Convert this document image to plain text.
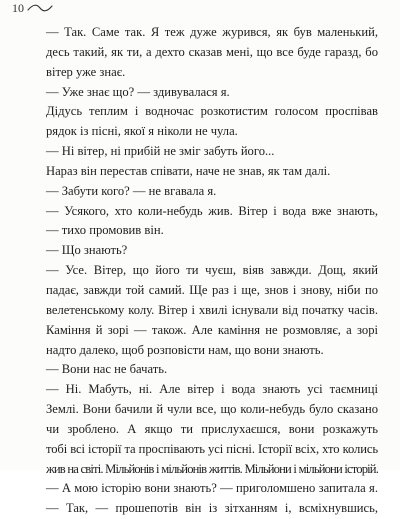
10
— Так. Саме так. Я теж дуже журився, як був маленький,
десь такий, як ти, а дехто сказав мені, що все буде гаразд, бо
вітер уже знає.
— Уже знає що? — здивувалася я.
Дідусь теплим і водночас розкотистим голосом проспівав
рядок із пісні, якої я ніколи не чула.
— Ні вітер, ні прибій не зміг забуть його...
Нараз він перестав співати, наче не знав, як там далі.
— Забути кого? — не вгавала я.
— Усякого, хто коли-небудь жив. Вітер і вода вже знають,
— тихо промовив він.
— Що знають?
— Усе. Вітер, що його ти чуєш, віяв завжди. Дощ, який
падає, завжди той самий. Ще раз і ще, знов і знову, ніби по
велетенському колу. Вітер і хвилі існували від початку часів.
Каміння й зорі — також. Але каміння не розмовляє, а зорі
надто далеко, щоб розповісти нам, що вони знають.
— Вони нас не бачать.
— Ні. Мабуть, ні. Але вітер і вода знають усі таємниці
Землі. Вони бачили й чули все, що коли-небудь було сказано
чи зроблено. А якщо ти прислухаєшся, вони розкажуть
тобі всі історії та проспівають усі пісні. Історії всіх, хто колись
жив на світі. Мільйонів і мільйонів життів. Мільйони і мільйони історій.
— А мою історію вони знають? — приголомшено запитала я.
— Так, — прошепотів він із зітханням і, всміхнувшись,
